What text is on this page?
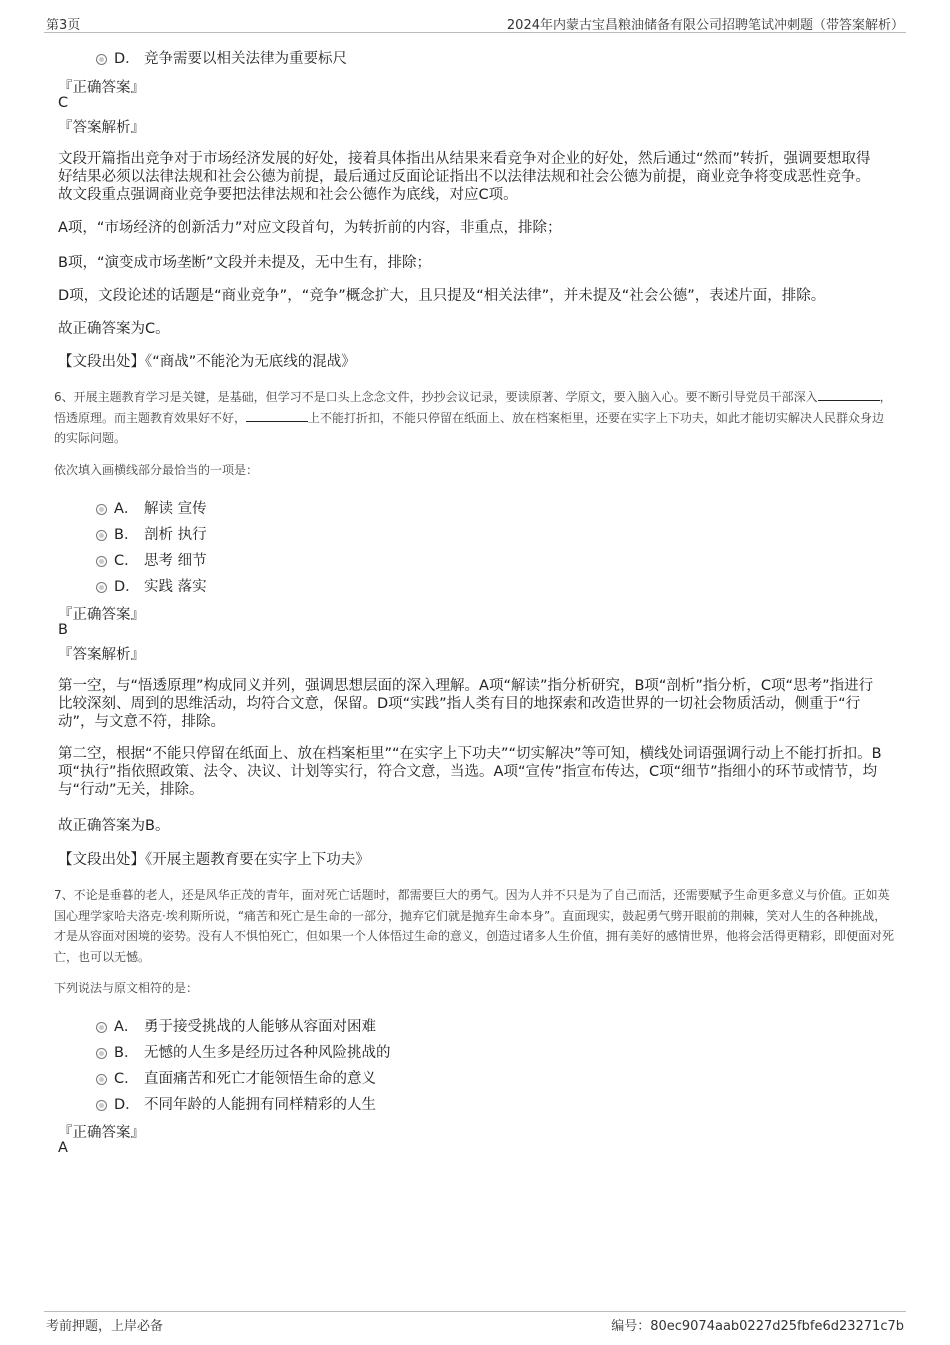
第3页	2024年内蒙古宝昌粮油储备有限公司招聘笔试冲刺题（带答案解析）
D． 竞争需要以相关法律为重要标尺
『正确答案』
C
『答案解析』
文段开篇指出竞争对于市场经济发展的好处，接着具体指出从结果来看竞争对企业的好处，然后通过“然而”转折，强调要想取得好结果必须以法律法规和社会公德为前提，最后通过反面论证指出不以法律法规和社会公德为前提，商业竞争将变成恶性竞争。故文段重点强调商业竞争要把法律法规和社会公德作为底线，对应C项。
A项，“市场经济的创新活力”对应文段首句，为转折前的内容，非重点，排除；
B项，“演变成市场垄断”文段并未提及，无中生有，排除；
D项，文段论述的话题是“商业竞争”，“竞争”概念扩大，且只提及“相关法律”，并未提及“社会公德”，表述片面，排除。
故正确答案为C。
【文段出处】《“商战”不能沦为无底线的混战》
6、开展主题教育学习是关键，是基础，但学习不是口头上念念文件，抄抄会议记录，要读原著、学原文，要入脑入心。要不断引导党员干部深入	，悟透原理。而主题教育效果好不好，	上不能打折扣，不能只停留在纸面上、放在档案柜里，还要在实字上下功夫，如此才能切实解决人民群众身边的实际问题。
依次填入画横线部分最恰当的一项是：
A． 解读 宣传
B． 剖析 执行
C． 思考 细节
D． 实践 落实
『正确答案』
B
『答案解析』
第一空，与“悟透原理”构成同义并列，强调思想层面的深入理解。A项“解读”指分析研究，B项“剖析”指分析，C项“思考”指进行比较深刻、周到的思维活动，均符合文意，保留。D项“实践”指人类有目的地探索和改造世界的一切社会物质活动，侧重于“行动”，与文意不符，排除。
第二空，根据“不能只停留在纸面上、放在档案柜里”“在实字上下功夫”“切实解决”等可知，横线处词语强调行动上不能打折扣。B项“执行”指依照政策、法令、决议、计划等实行，符合文意，当选。A项“宣传”指宣布传达，C项“细节”指细小的环节或情节，均与“行动”无关，排除。
故正确答案为B。
【文段出处】《开展主题教育要在实字上下功夫》
7、不论是垂暮的老人，还是风华正茂的青年，面对死亡话题时，都需要巨大的勇气。因为人并不只是为了自己而活，还需要赋予生命更多意义与价值。正如英国心理学家哈夫洛克·埃利斯所说，“痛苦和死亡是生命的一部分，抛弃它们就是抛弃生命本身”。直面现实，鼓起勇气劈开眼前的荆棘，笑对人生的各种挑战，才是从容面对困境的姿势。没有人不惧怕死亡，但如果一个人体悟过生命的意义，创造过诸多人生价值，拥有美好的感情世界，他将会活得更精彩，即便面对死亡，也可以无憾。
下列说法与原文相符的是：
A． 勇于接受挑战的人能够从容面对困难
B． 无憾的人生多是经历过各种风险挑战的
C． 直面痛苦和死亡才能领悟生命的意义
D． 不同年龄的人能拥有同样精彩的人生
『正确答案』
A
考前押题，上岸必备	编号：80ec9074aab0227d25fbfe6d23271c7b
